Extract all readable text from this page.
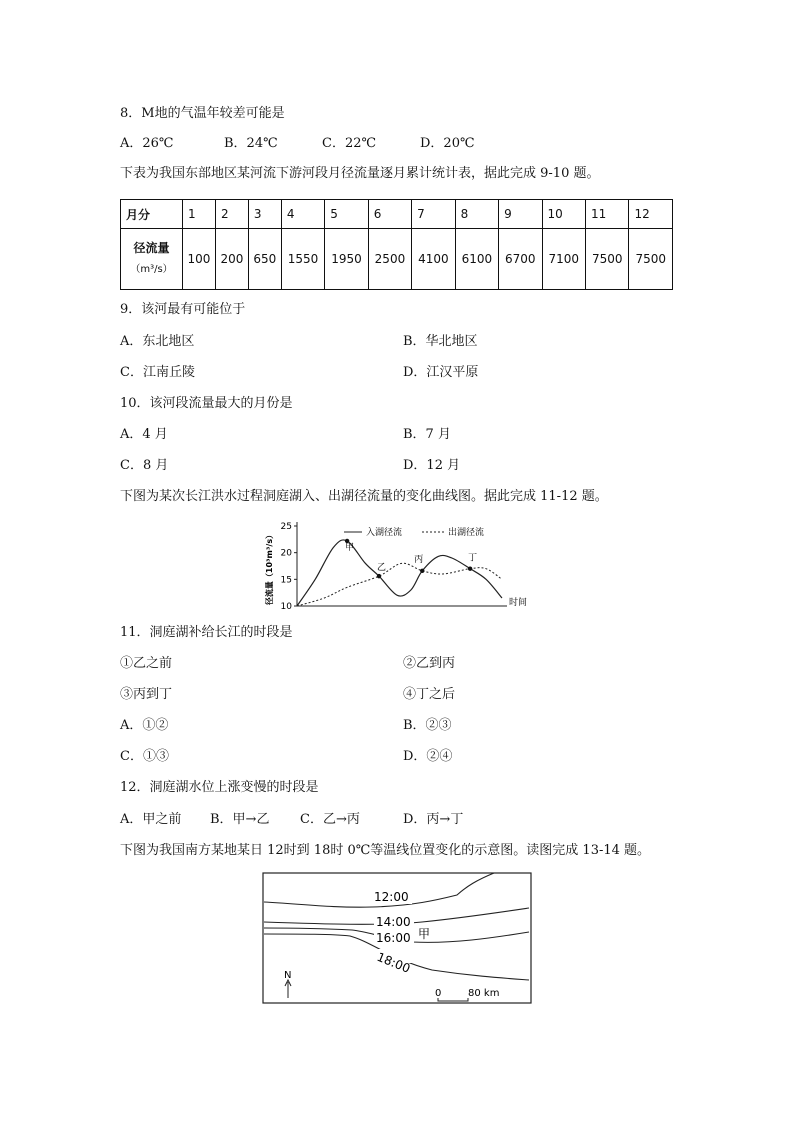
8．M地的气温年较差可能是
A．26℃	B．24℃	C．22℃	D．20℃
下表为我国东部地区某河流下游河段月径流量逐月累计统计表，据此完成 9-10 题。
月分	1	2	3	4	5	6	7	8	9	10	11	12

径流量
（m³/s）	100	200	650	1550	1950	2500	4100	6100	6700	7100	7500	7500
9．该河最有可能位于
A．东北地区	B．华北地区
C．江南丘陵	D．江汉平原
10．该河段流量最大的月份是
A．4 月	B．7 月
C．8 月	D．12 月
下图为某次长江洪水过程洞庭湖入、出湖径流量的变化曲线图。据此完成 11-12 题。
25
20
15
10
径流量（10³m³/s）	时间
入湖径流	出湖径流
甲
乙
丙	丁
11．洞庭湖补给长江的时段是
①乙之前	②乙到丙
③丙到丁	④丁之后
A．①②	B．②③
C．①③	D．②④
12．洞庭湖水位上涨变慢的时段是
A．甲之前 B．甲→乙 C．乙→丙	D．丙→丁
下图为我国南方某地某日 12时到 18时 0℃等温线位置变化的示意图。读图完成 13-14 题。
12:00
14:00
16:00
18:00
甲
N
0	80 km
